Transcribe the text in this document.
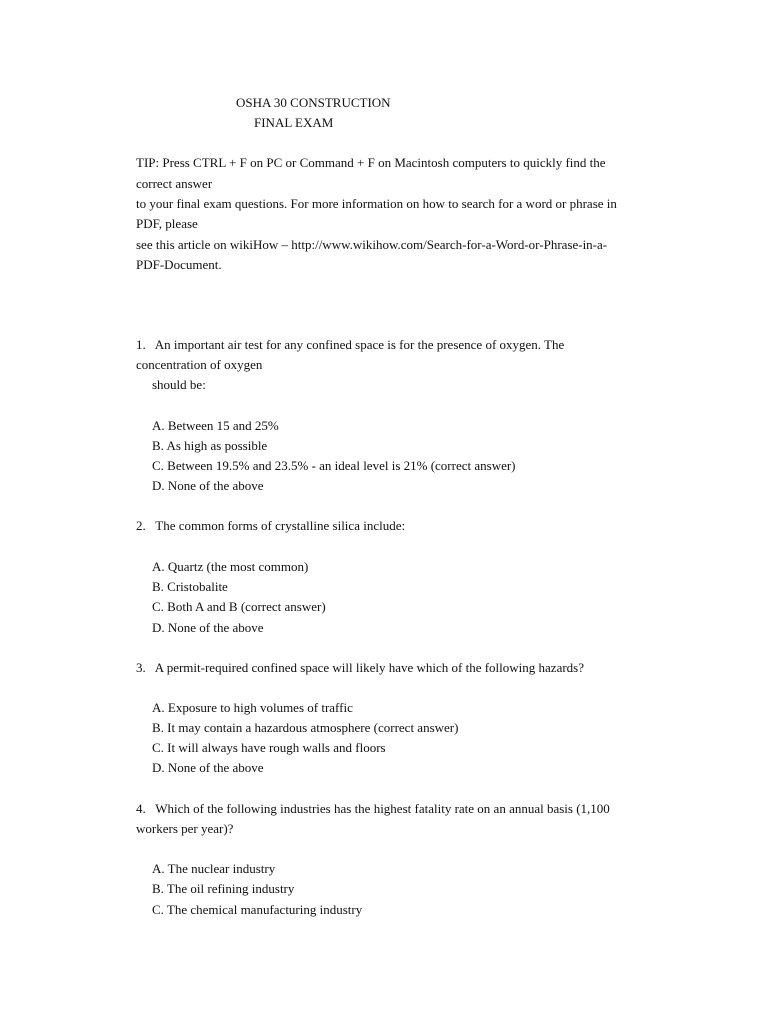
OSHA 30 CONSTRUCTION
FINAL EXAM
TIP: Press CTRL + F on PC or Command + F on Macintosh computers to quickly find the
correct answer
to your final exam questions. For more information on how to search for a word or phrase in
PDF, please
see this article on wikiHow – http://www.wikihow.com/Search-for-a-Word-or-Phrase-in-a-
PDF-Document.
1.   An important air test for any confined space is for the presence of oxygen. The
concentration of oxygen
should be:
A. Between 15 and 25%
B. As high as possible
C. Between 19.5% and 23.5% - an ideal level is 21% (correct answer)
D. None of the above
2.   The common forms of crystalline silica include:
A. Quartz (the most common)
B. Cristobalite
C. Both A and B (correct answer)
D. None of the above
3.   A permit-required confined space will likely have which of the following hazards?
A. Exposure to high volumes of traffic
B. It may contain a hazardous atmosphere (correct answer)
C. It will always have rough walls and floors
D. None of the above
4.   Which of the following industries has the highest fatality rate on an annual basis (1,100
workers per year)?
A. The nuclear industry
B. The oil refining industry
C. The chemical manufacturing industry
